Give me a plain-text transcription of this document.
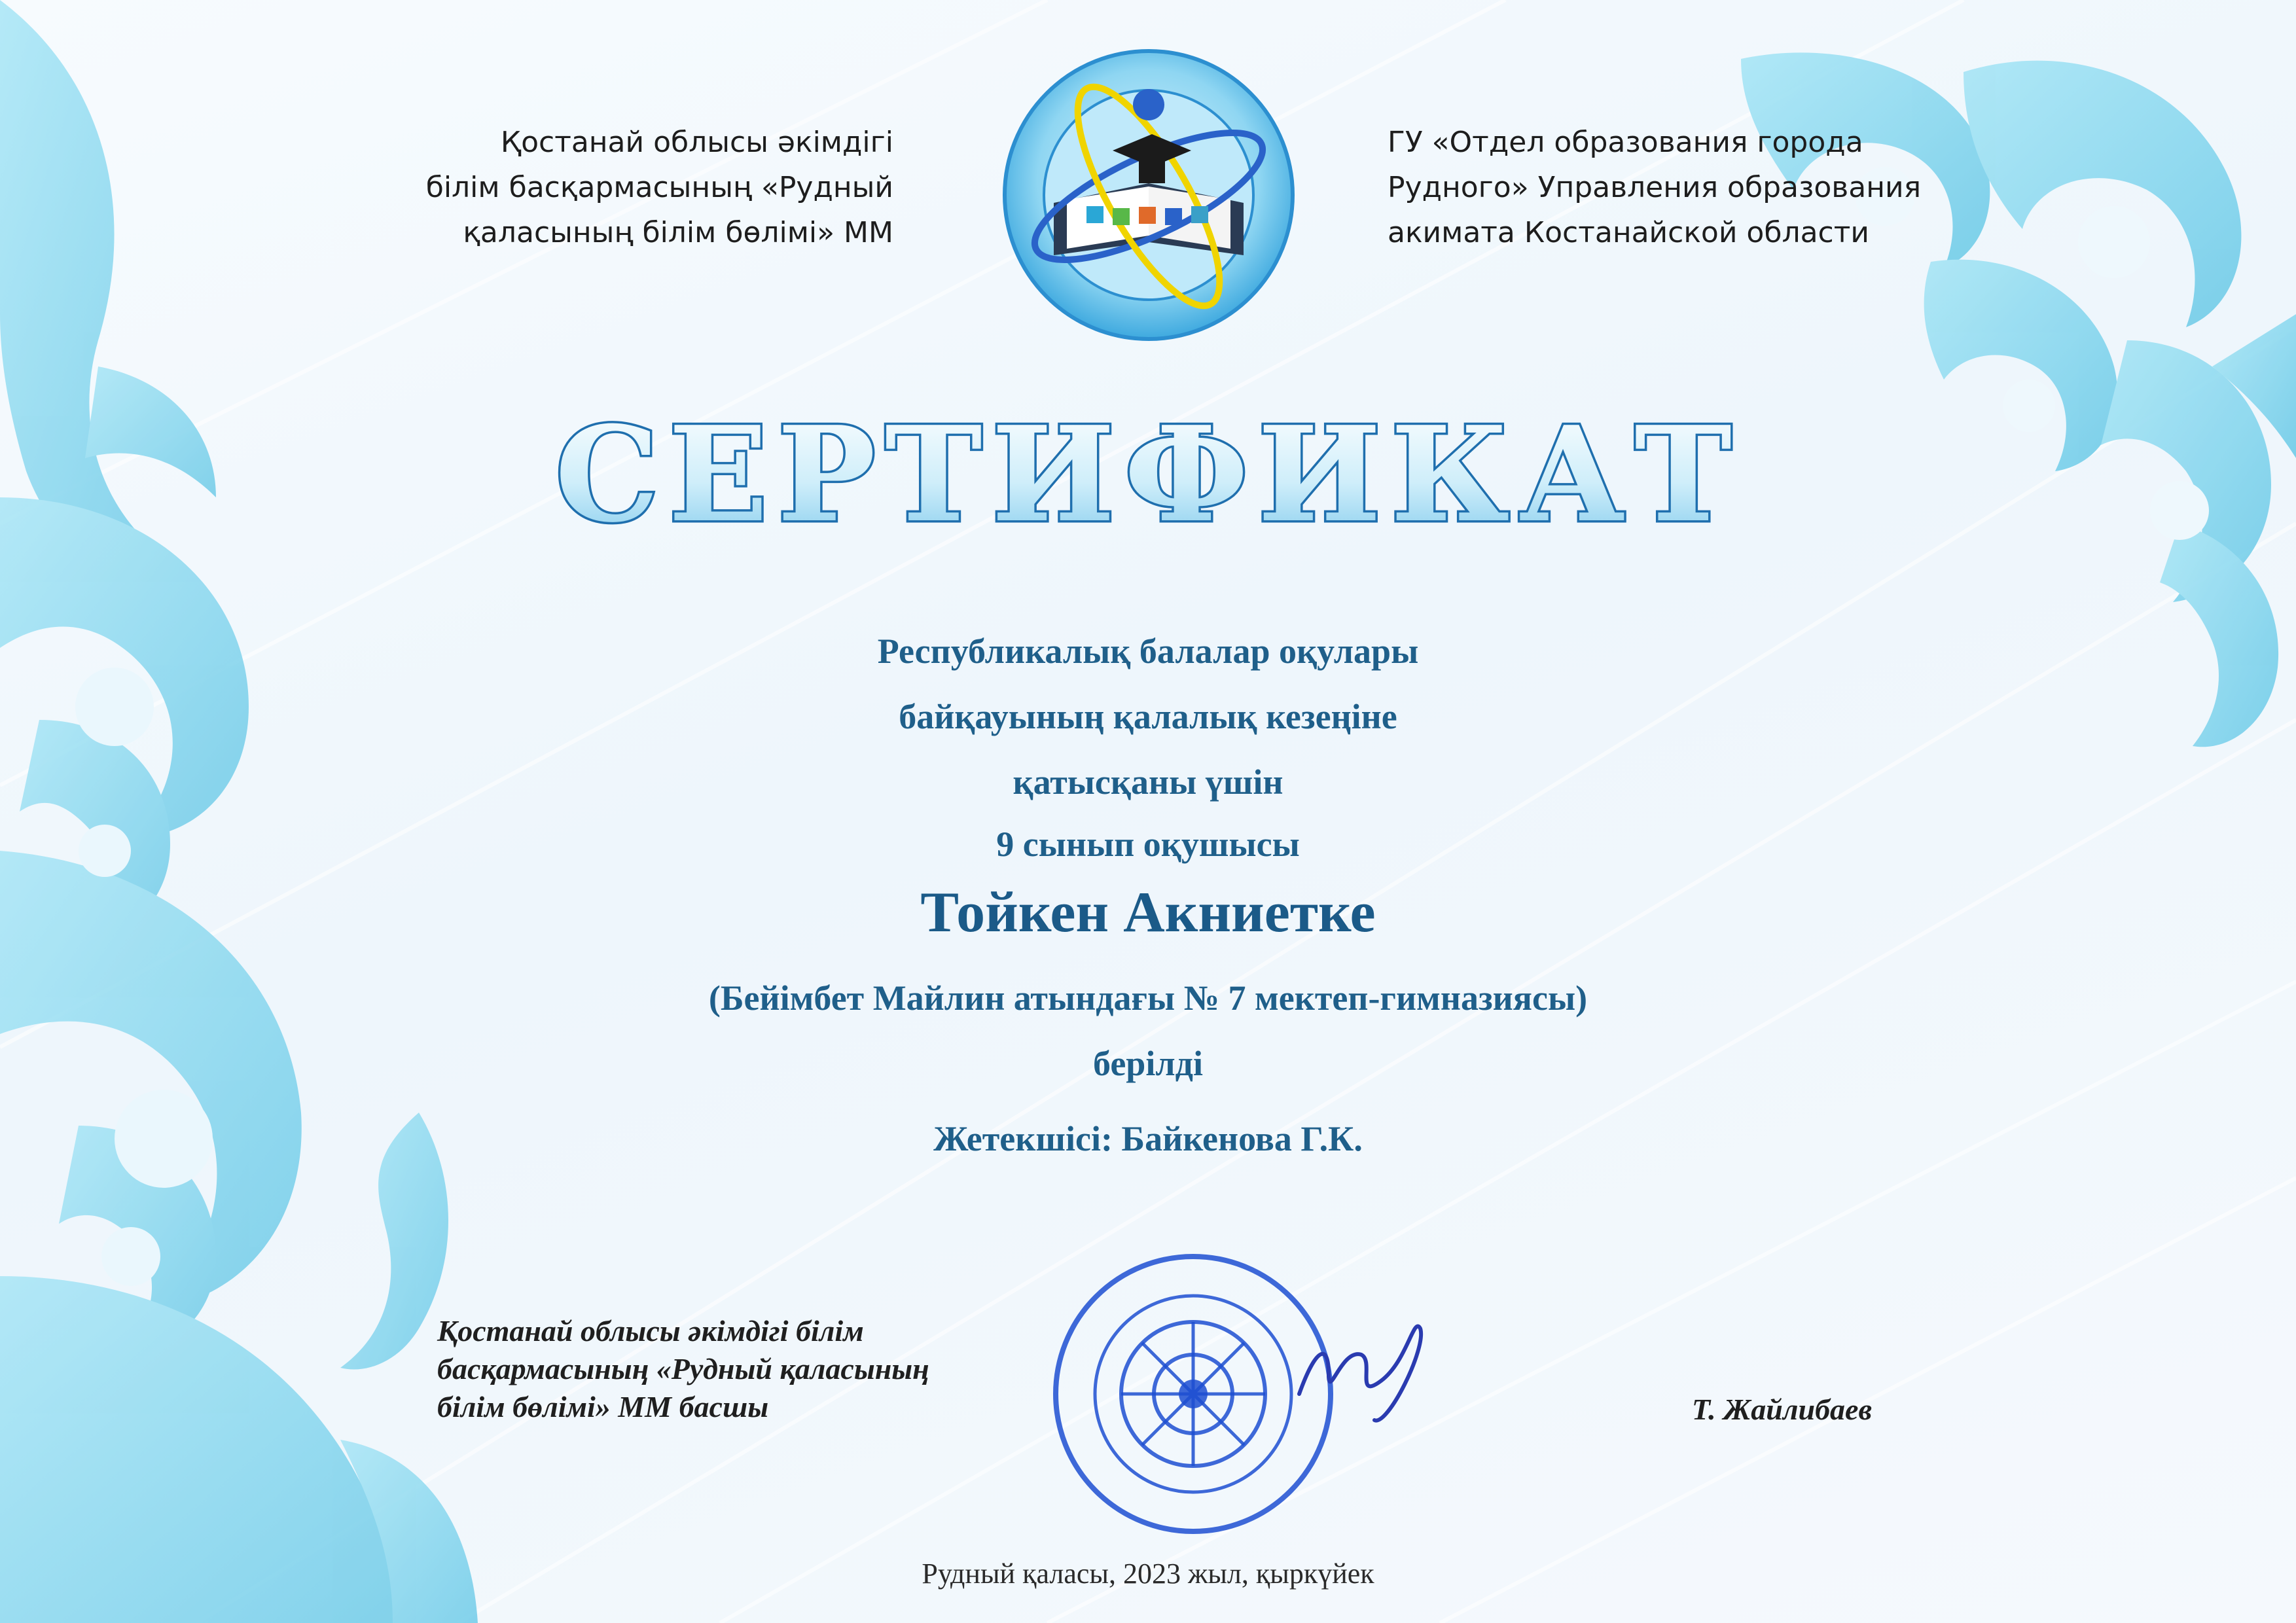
СЕРТИФИКАТ
Қостанай облысы әкімдігі
білім басқармасының «Рудный
қаласының білім бөлімі» ММ
ГУ «Отдел образования города
Рудного» Управления образования
акимата Костанайской области
Республикалық балалар оқулары
байқауының қалалық кезеңіне
қатысқаны үшін
9 сынып оқушысы
Тойкен Акниетке
(Бейімбет Майлин атындағы № 7 мектеп-гимназиясы)
берілді
Жетекшісі: Байкенова Г.К.
Қостанай облысы әкімдігі білім
басқармасының «Рудный қаласының
білім бөлімі» ММ басшы	Т. Жайлибаев
Рудный қаласы, 2023 жыл, қыркүйек
